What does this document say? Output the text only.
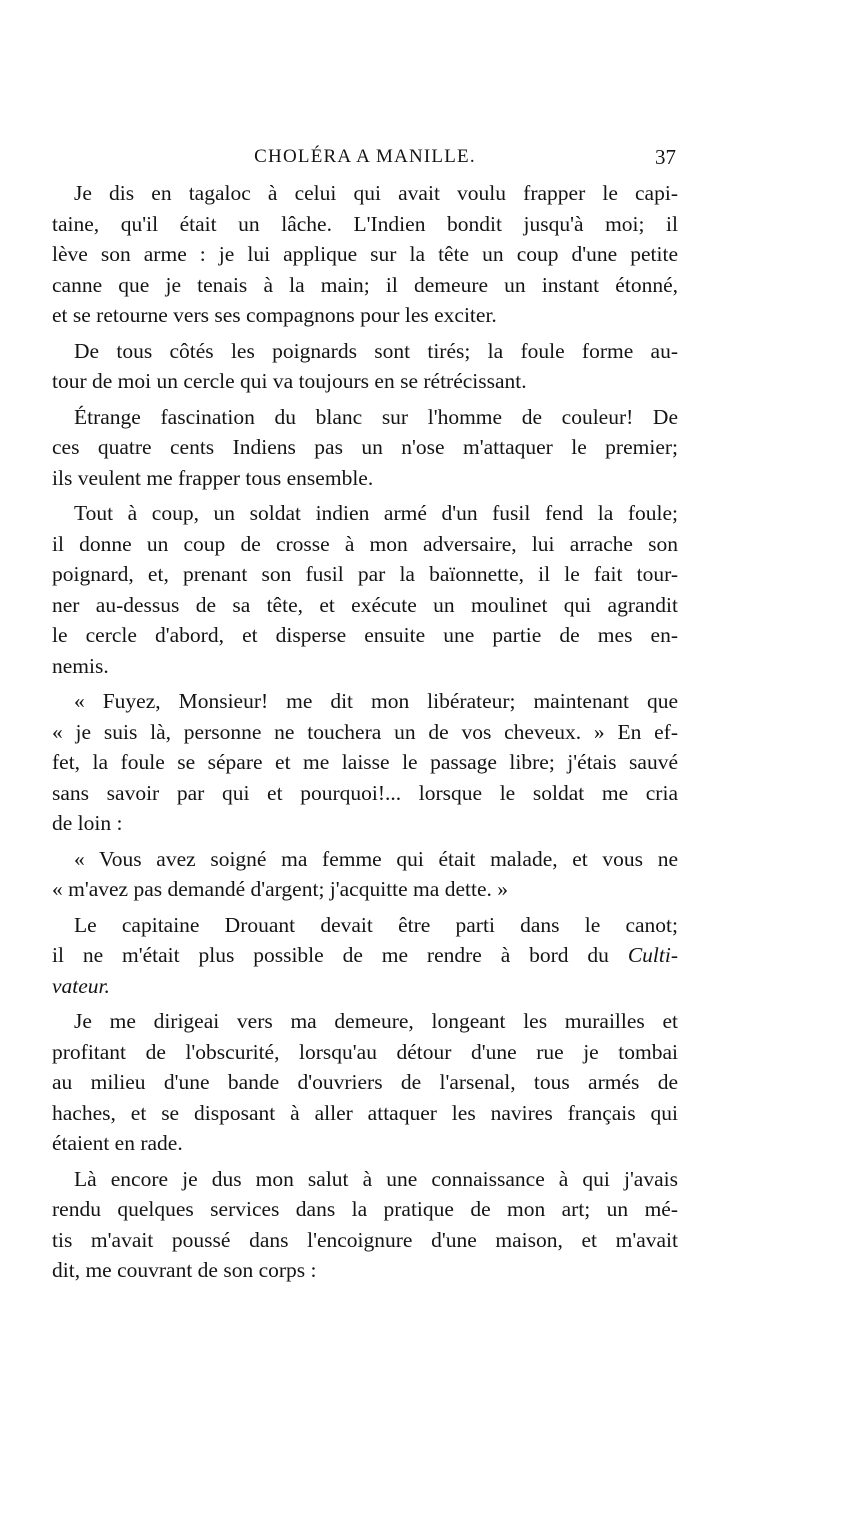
CHOLÉRA A MANILLE.	37
Je dis en tagaloc à celui qui avait voulu frapper le capi-
taine, qu'il était un lâche. L'Indien bondit jusqu'à moi; il
lève son arme : je lui applique sur la tête un coup d'une petite
canne que je tenais à la main; il demeure un instant étonné,
et se retourne vers ses compagnons pour les exciter.
De tous côtés les poignards sont tirés; la foule forme au-
tour de moi un cercle qui va toujours en se rétrécissant.
Étrange fascination du blanc sur l'homme de couleur! De
ces quatre cents Indiens pas un n'ose m'attaquer le premier;
ils veulent me frapper tous ensemble.
Tout à coup, un soldat indien armé d'un fusil fend la foule;
il donne un coup de crosse à mon adversaire, lui arrache son
poignard, et, prenant son fusil par la baïonnette, il le fait tour-
ner au-dessus de sa tête, et exécute un moulinet qui agrandit
le cercle d'abord, et disperse ensuite une partie de mes en-
nemis.
« Fuyez, Monsieur! me dit mon libérateur; maintenant que
« je suis là, personne ne touchera un de vos cheveux. » En ef-
fet, la foule se sépare et me laisse le passage libre; j'étais sauvé
sans savoir par qui et pourquoi!... lorsque le soldat me cria
de loin :
« Vous avez soigné ma femme qui était malade, et vous ne
« m'avez pas demandé d'argent; j'acquitte ma dette. »
Le capitaine Drouant devait être parti dans le canot;
il ne m'était plus possible de me rendre à bord du Culti-
vateur.
Je me dirigeai vers ma demeure, longeant les murailles et
profitant de l'obscurité, lorsqu'au détour d'une rue je tombai
au milieu d'une bande d'ouvriers de l'arsenal, tous armés de
haches, et se disposant à aller attaquer les navires français qui
étaient en rade.
Là encore je dus mon salut à une connaissance à qui j'avais
rendu quelques services dans la pratique de mon art; un mé-
tis m'avait poussé dans l'encoignure d'une maison, et m'avait
dit, me couvrant de son corps :
